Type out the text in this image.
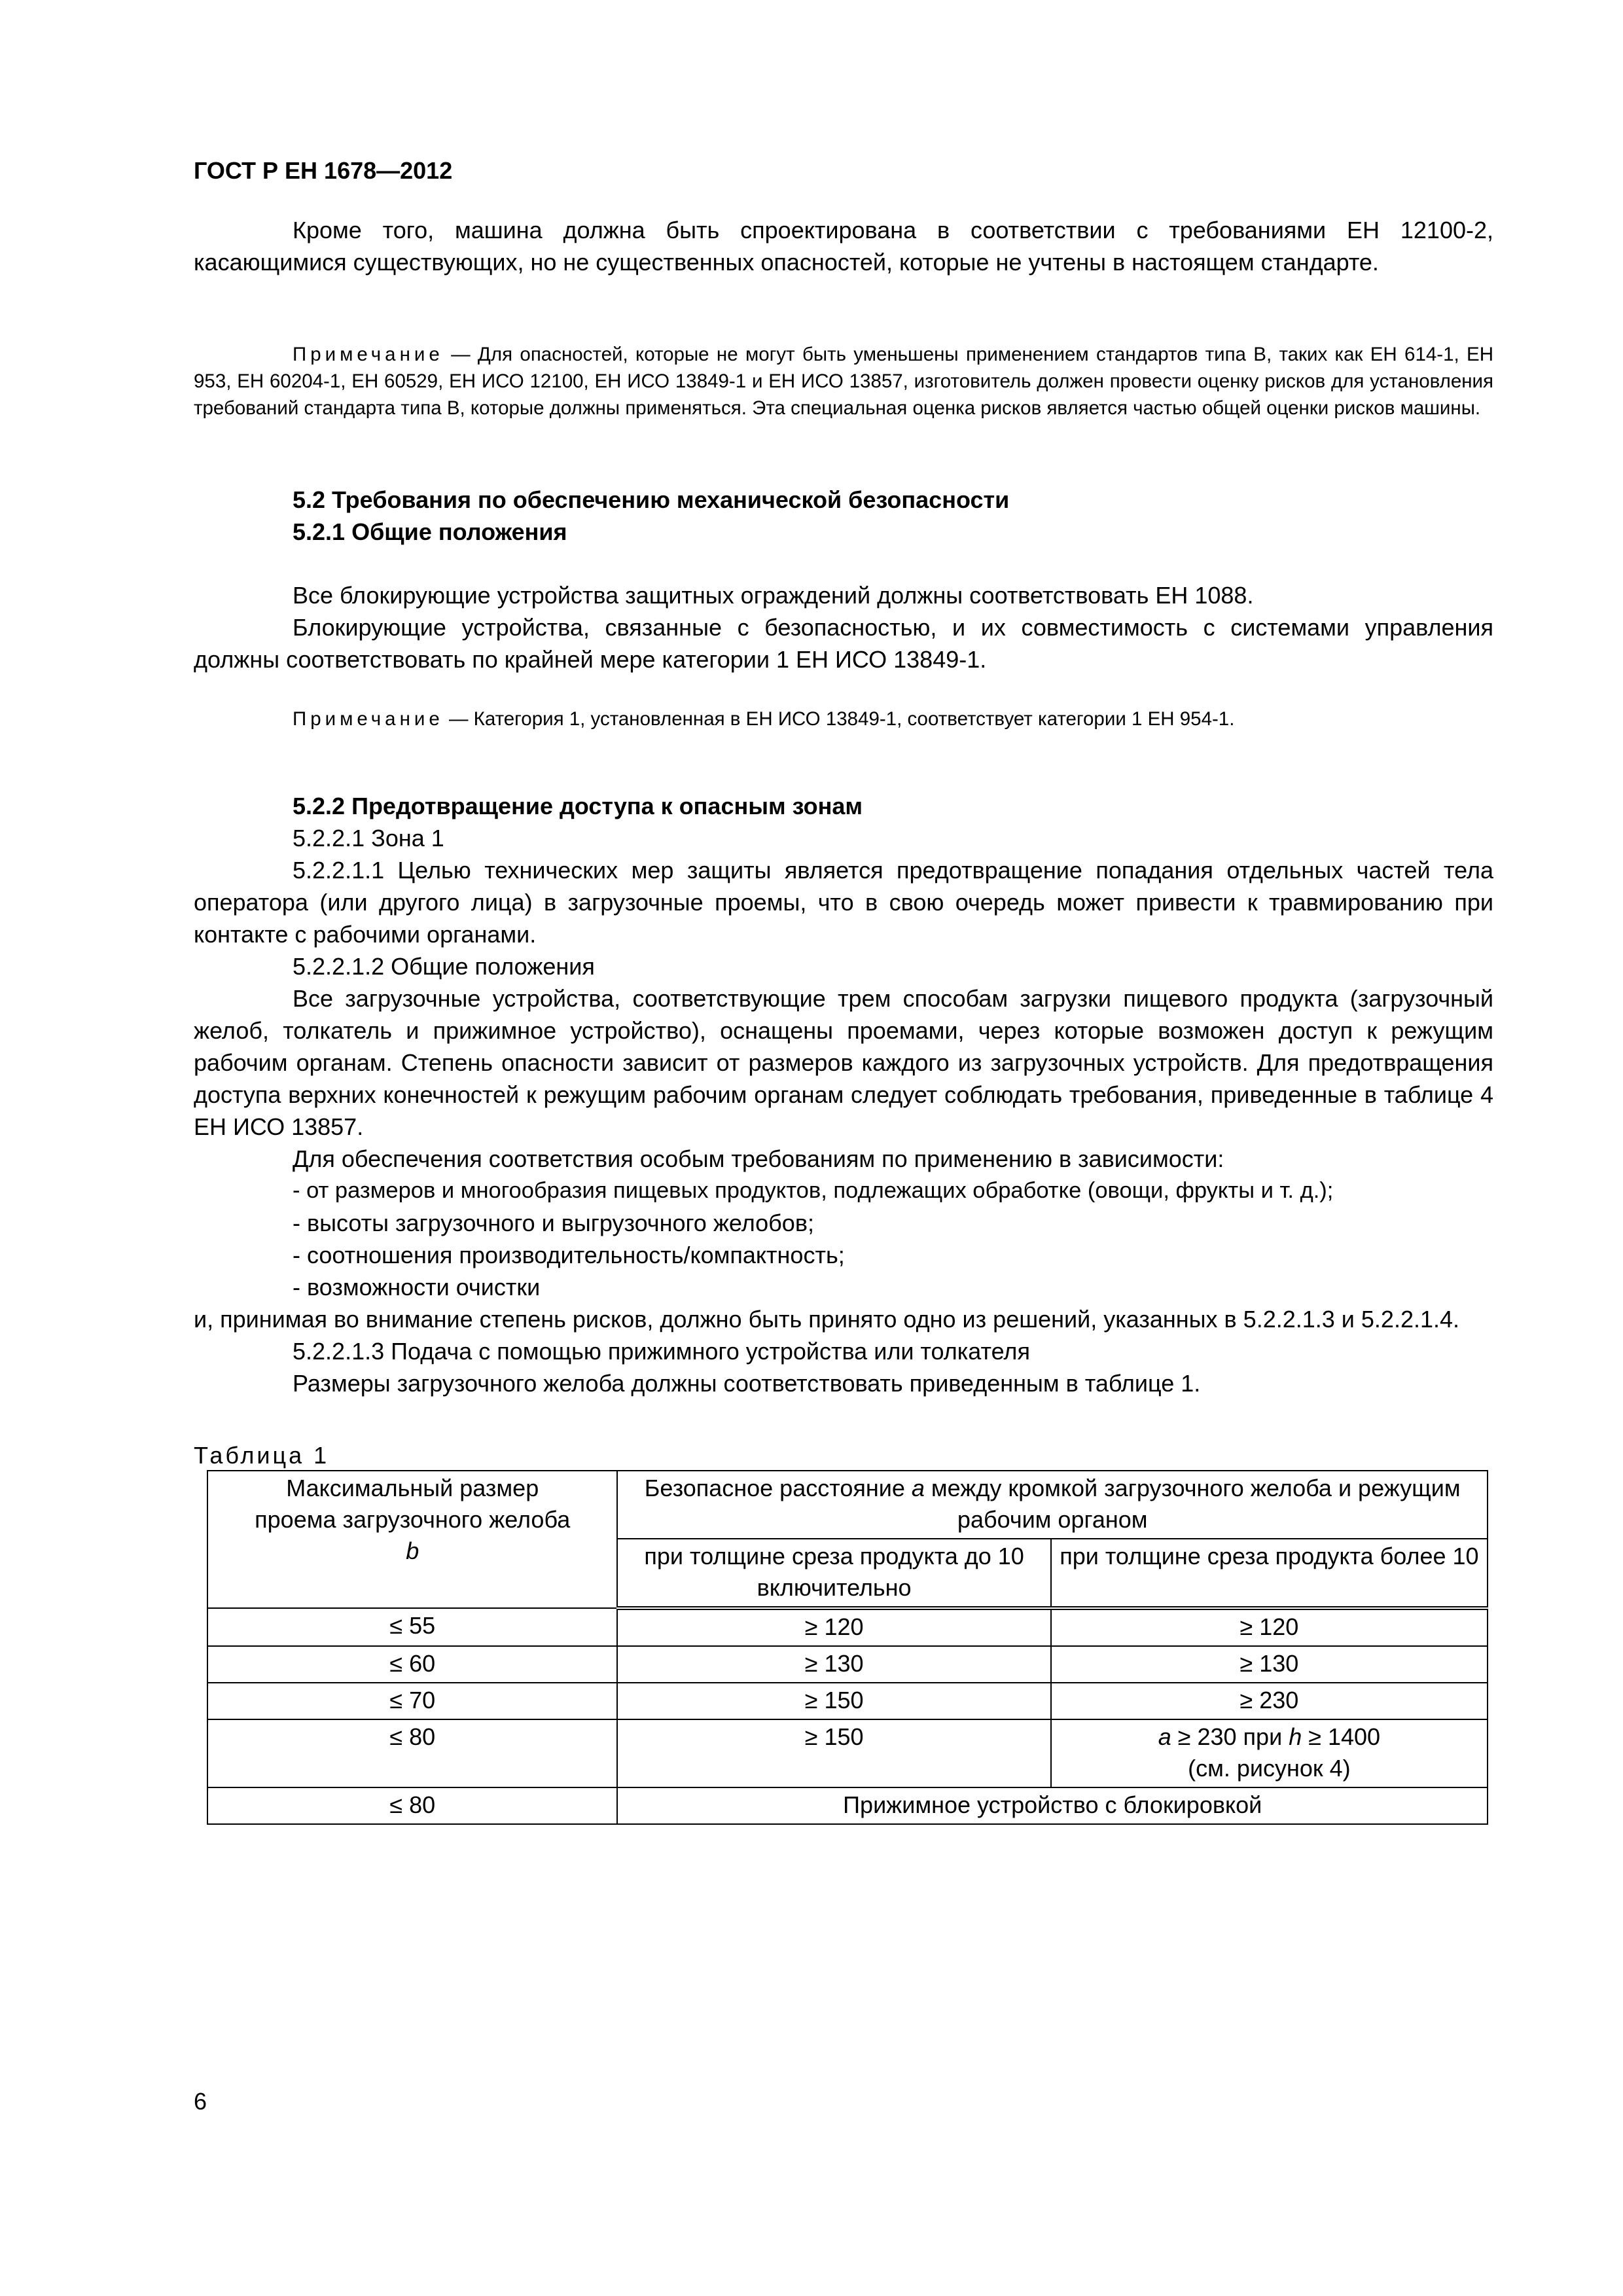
ГОСТ Р ЕН 1678—2012

Кроме того, машина должна быть спроектирована в соответствии с требованиями ЕН 12100-2, касающимися существующих, но не существенных опасностей, которые не учтены в настоящем стандарте.

Примечание — Для опасностей, которые не могут быть уменьшены применением стандартов типа В, таких как ЕН 614-1, ЕН 953, ЕН 60204-1, ЕН 60529, ЕН ИСО 12100, ЕН ИСО 13849-1 и ЕН ИСО 13857, изготовитель должен провести оценку рисков для установления требований стандарта типа В, которые должны применяться. Эта специальная оценка рисков является частью общей оценки рисков машины.

5.2 Требования по обеспечению механической безопасности

5.2.1 Общие положения

Все блокирующие устройства защитных ограждений должны соответствовать ЕН 1088.

Блокирующие устройства, связанные с безопасностью, и их совместимость с системами управления должны соответствовать по крайней мере категории 1 ЕН ИСО 13849-1.

Примечание — Категория 1, установленная в ЕН ИСО 13849-1, соответствует категории 1 ЕН 954-1.

5.2.2 Предотвращение доступа к опасным зонам

5.2.2.1 Зона 1

5.2.2.1.1 Целью технических мер защиты является предотвращение попадания отдельных частей тела оператора (или другого лица) в загрузочные проемы, что в свою очередь может привести к травмированию при контакте с рабочими органами.

5.2.2.1.2 Общие положения

Все загрузочные устройства, соответствующие трем способам загрузки пищевого продукта (загрузочный желоб, толкатель и прижимное устройство), оснащены проемами, через которые возможен доступ к режущим рабочим органам. Степень опасности зависит от размеров каждого из загрузочных устройств. Для предотвращения доступа верхних конечностей к режущим рабочим органам следует соблюдать требования, приведенные в таблице 4 ЕН ИСО 13857.

Для обеспечения соответствия особым требованиям по применению в зависимости:

- от размеров и многообразия пищевых продуктов, подлежащих обработке (овощи, фрукты и т. д.);

- высоты загрузочного и выгрузочного желобов;

- соотношения производительность/компактность;

- возможности очистки

и, принимая во внимание степень рисков, должно быть принято одно из решений, указанных в 5.2.2.1.3 и 5.2.2.1.4.

5.2.2.1.3 Подача с помощью прижимного устройства или толкателя

Размеры загрузочного желоба должны соответствовать приведенным в таблице 1.

Таблица 1
Максимальный размер
проема загрузочного желоба
b	Безопасное расстояние a между кромкой загрузочного желоба и режущим рабочим органом	
	при толщине среза продукта до 10 включительно	при толщине среза продукта более 10
≤ 55	≥ 120	≥ 120
≤ 60	≥ 130	≥ 130
≤ 70	≥ 150	≥ 230
≤ 80	≥ 150	a ≥ 230 при h ≥ 1400
(см. рисунок 4)

≤ 80	Прижимное устройство с блокировкой	
6
